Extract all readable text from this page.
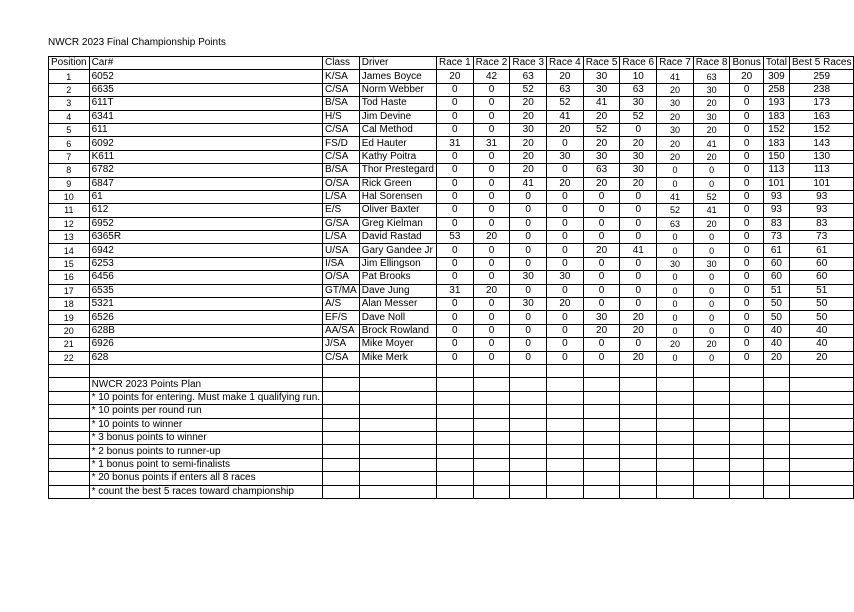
NWCR 2023 Final Championship Points
Position	Car#	Class	Driver	Race 1	Race 2	Race 3	Race 4	Race 5	Race 6	Race 7	Race 8	Bonus	Total	Best 5 Races
1	6052	K/SA	James Boyce	20	42	63	20	30	10	41	63	20	309	259
2	6635	C/SA	Norm Webber	0	0	52	63	30	63	20	30	0	258	238
3	611T	B/SA	Tod Haste	0	0	20	52	41	30	30	20	0	193	173
4	6341	H/S	Jim Devine	0	0	20	41	20	52	20	30	0	183	163
5	611	C/SA	Cal Method	0	0	30	20	52	0	30	20	0	152	152
6	6092	FS/D	Ed Hauter	31	31	20	0	20	20	20	41	0	183	143
7	K611	C/SA	Kathy Poitra	0	0	20	30	30	30	20	20	0	150	130
8	6782	B/SA	Thor Prestegard	0	0	20	0	63	30	0	0	0	113	113
9	6847	O/SA	Rick Green	0	0	41	20	20	20	0	0	0	101	101
10	61	L/SA	Hal Sorensen	0	0	0	0	0	0	41	52	0	93	93
11	612	E/S	Oliver Baxter	0	0	0	0	0	0	52	41	0	93	93
12	6952	G/SA	Greg Kielman	0	0	0	0	0	0	63	20	0	83	83
13	6365R	L/SA	David Rastad	53	20	0	0	0	0	0	0	0	73	73
14	6942	U/SA	Gary Gandee Jr	0	0	0	0	20	41	0	0	0	61	61
15	6253	I/SA	Jim Ellingson	0	0	0	0	0	0	30	30	0	60	60
16	6456	O/SA	Pat Brooks	0	0	30	30	0	0	0	0	0	60	60
17	6535	GT/MA	Dave Jung	31	20	0	0	0	0	0	0	0	51	51
18	5321	A/S	Alan Messer	0	0	30	20	0	0	0	0	0	50	50
19	6526	EF/S	Dave Noll	0	0	0	0	30	20	0	0	0	50	50
20	628B	AA/SA	Brock Rowland	0	0	0	0	20	20	0	0	0	40	40
21	6926	J/SA	Mike Moyer	0	0	0	0	0	0	20	20	0	40	40
22	628	C/SA	Mike Merk	0	0	0	0	0	20	0	0	0	20	20

	NWCR 2023 Points Plan													
	* 10 points for entering. Must make 1 qualifying run.													
	* 10 points per round run													
	* 10 points to winner													
	* 3 bonus points to winner													
	* 2 bonus points to runner-up													
	* 1 bonus point to semi-finalists													
	* 20 bonus points if enters all 8 races													
	* count the best 5 races toward championship													
